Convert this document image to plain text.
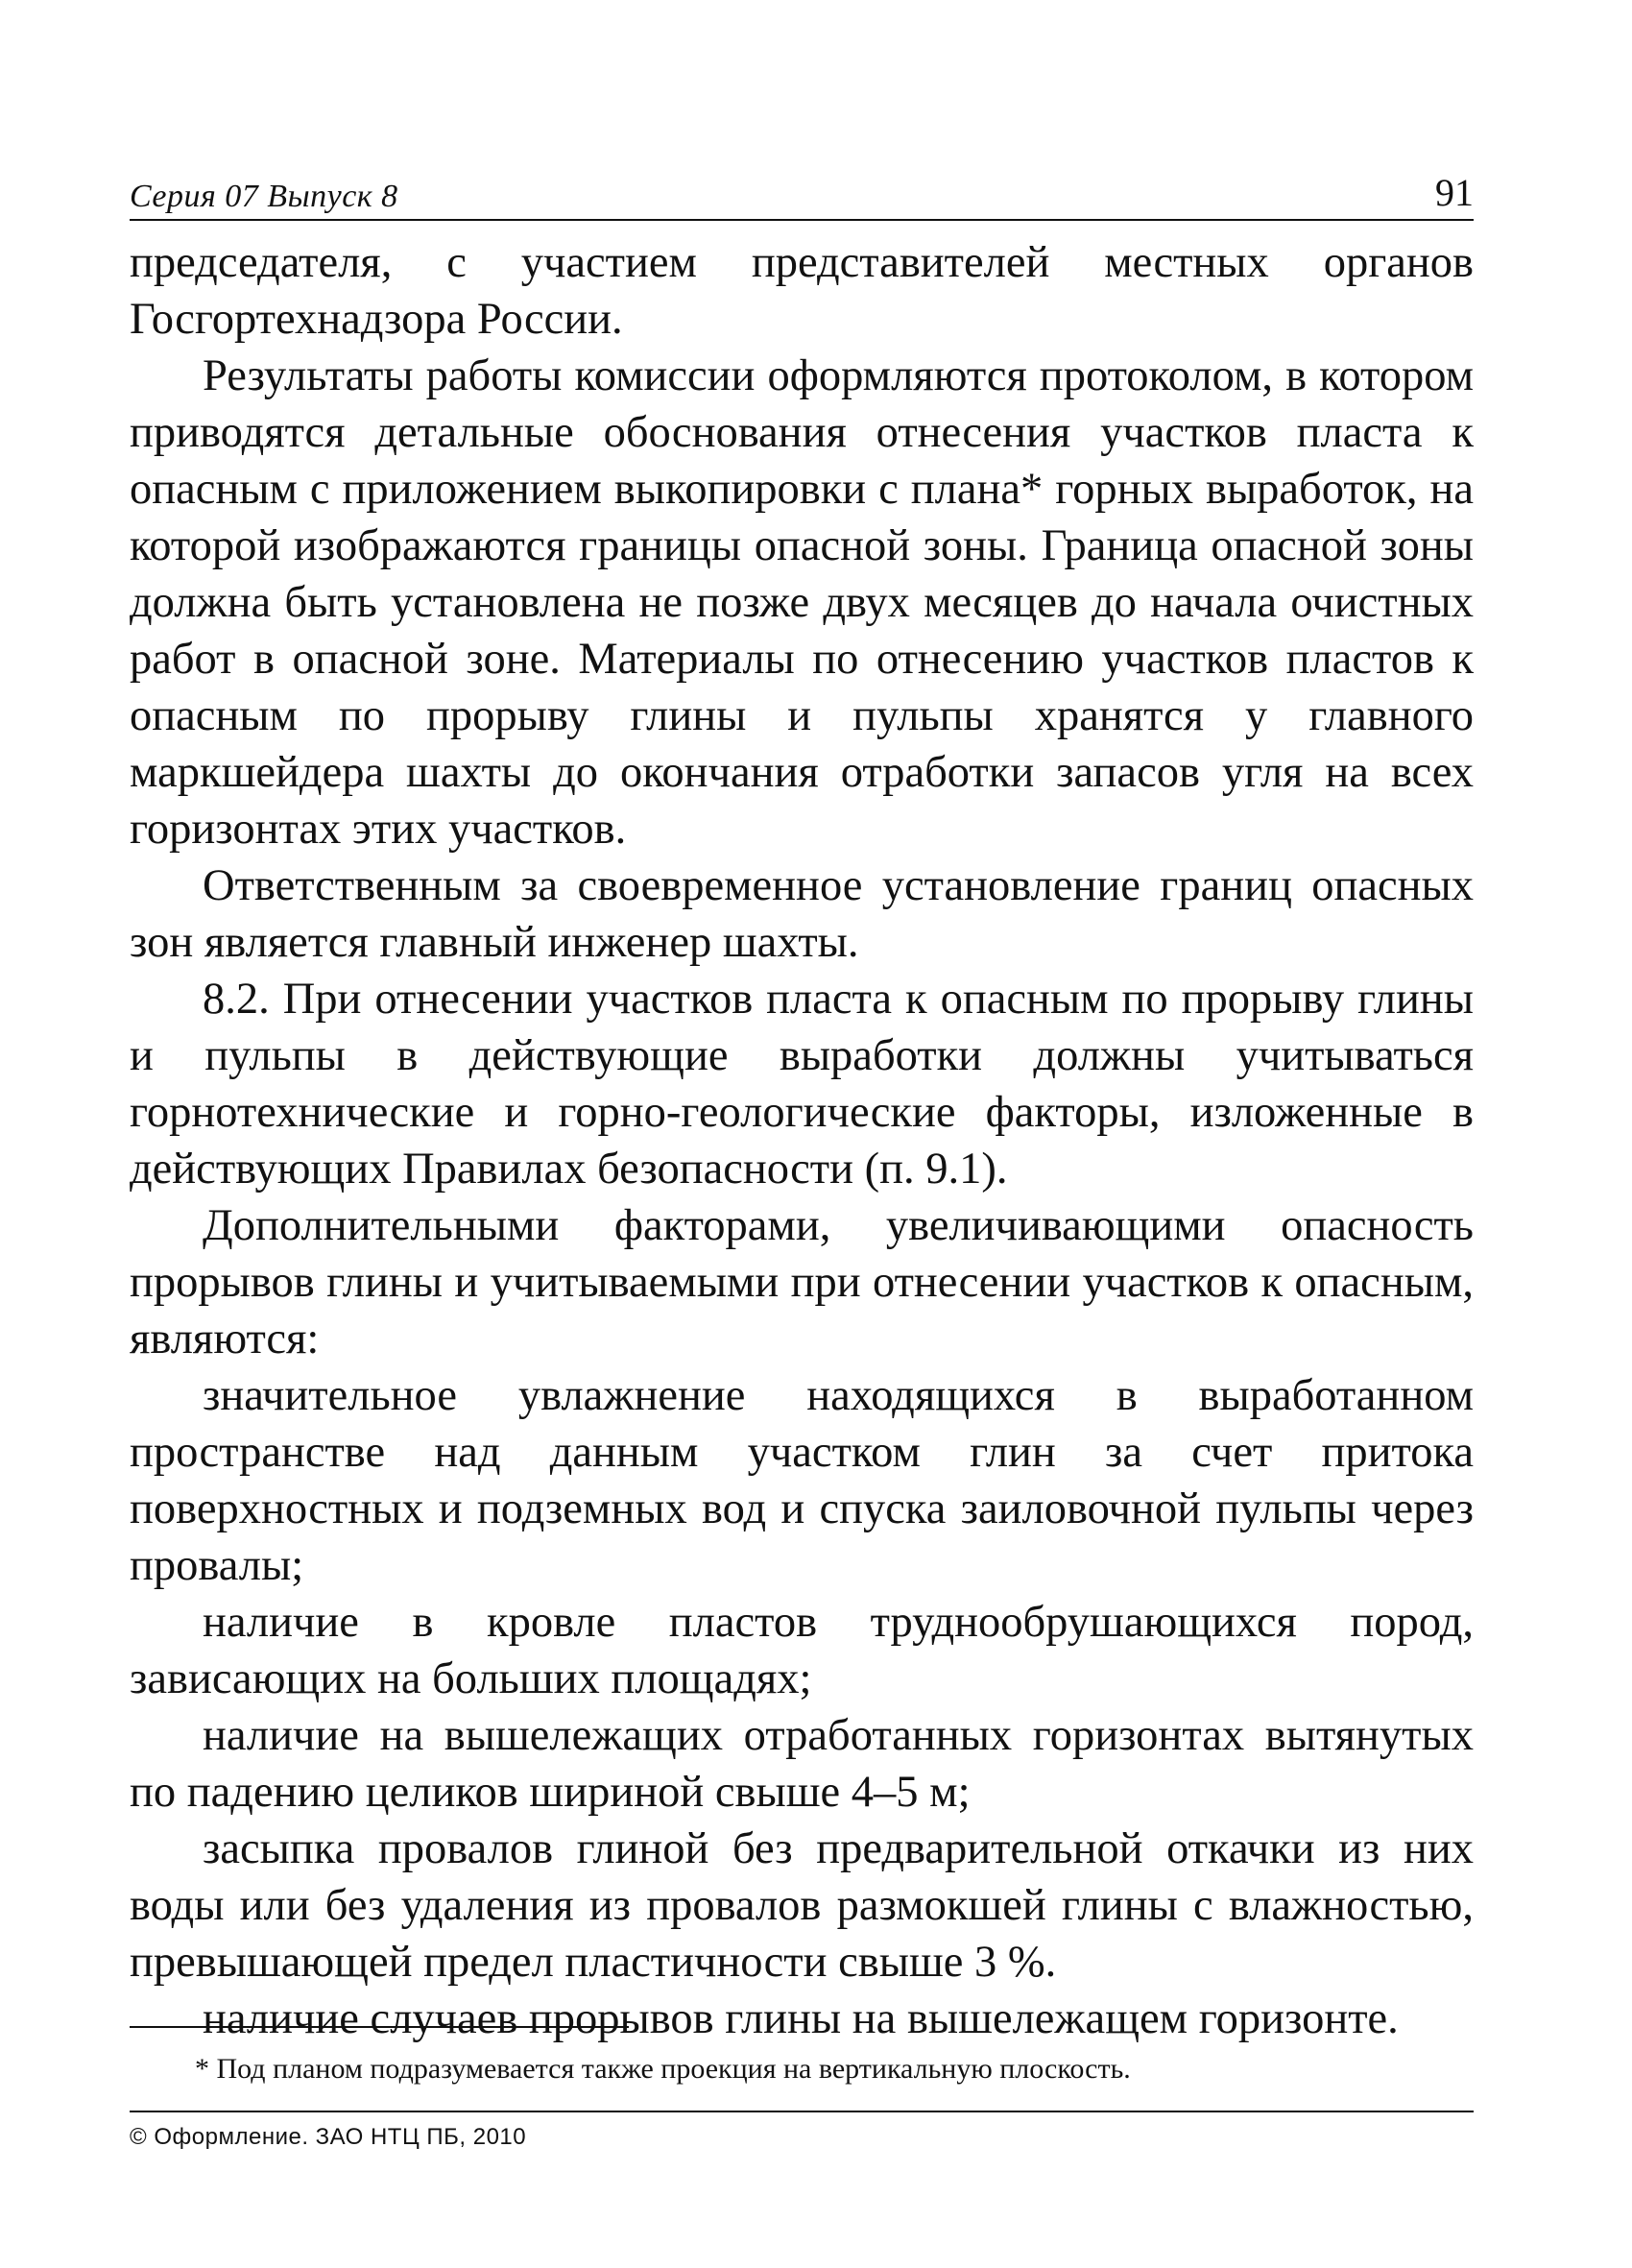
Серия 07 Выпуск 8	91

председателя, с участием представителей местных органов Госгортехнадзора России.

Результаты работы комиссии оформляются протоколом, в котором приводятся детальные обоснования отнесения участков пласта к опасным с приложением выкопировки с плана* горных выработок, на которой изображаются границы опасной зоны. Граница опасной зоны должна быть установлена не позже двух месяцев до начала очистных работ в опасной зоне. Материалы по отнесению участков пластов к опасным по прорыву глины и пульпы хранятся у главного маркшейдера шахты до окончания отработки запасов угля на всех горизонтах этих участков.

Ответственным за своевременное установление границ опасных зон является главный инженер шахты.

8.2. При отнесении участков пласта к опасным по прорыву глины и пульпы в действующие выработки должны учитываться горнотехнические и горно-геологические факторы, изложенные в действующих Правилах безопасности (п. 9.1).

Дополнительными факторами, увеличивающими опасность прорывов глины и учитываемыми при отнесении участков к опасным, являются:

значительное увлажнение находящихся в выработанном пространстве над данным участком глин за счет притока поверхностных и подземных вод и спуска заиловочной пульпы через провалы;

наличие в кровле пластов труднообрушающихся пород, зависающих на больших площадях;

наличие на вышележащих отработанных горизонтах вытянутых по падению целиков шириной свыше 4–5 м;

засыпка провалов глиной без предварительной откачки из них воды или без удаления из провалов размокшей глины с влажностью, превышающей предел пластичности свыше 3 %.

наличие случаев прорывов глины на вышележащем горизонте.

* Под планом подразумевается также проекция на вертикальную плоскость.
© Оформление. ЗАО НТЦ ПБ, 2010
